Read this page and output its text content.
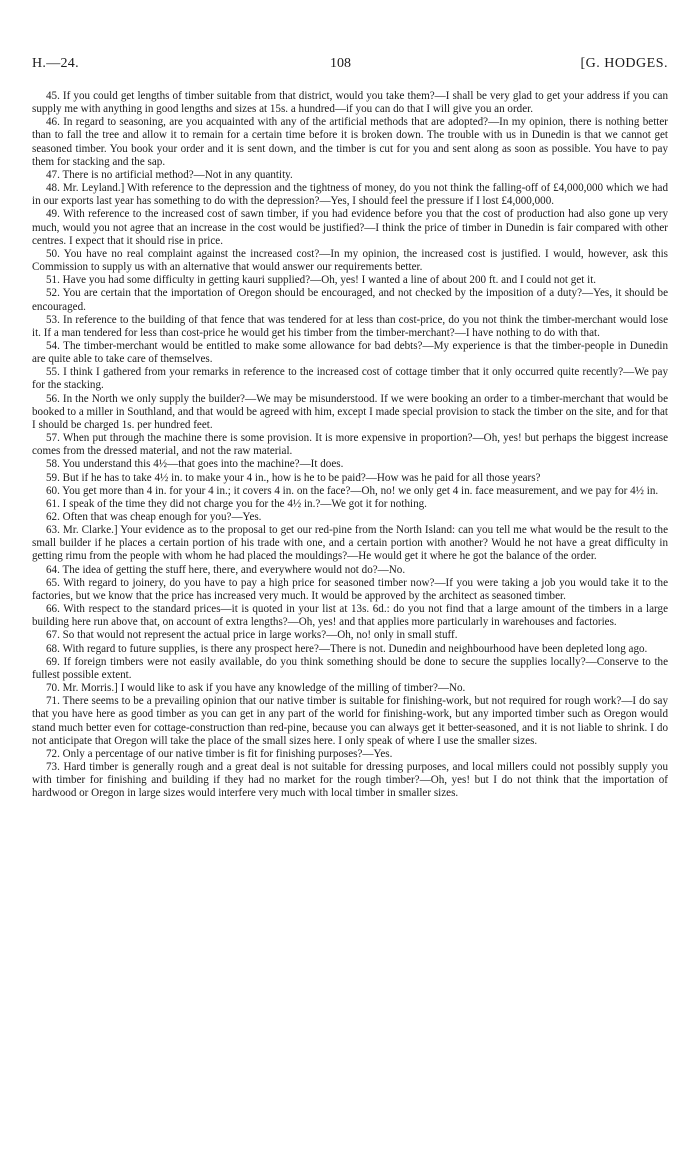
H.—24.	108	[G. HODGES.

45. If you could get lengths of timber suitable from that district, would you take them?—I shall be very glad to get your address if you can supply me with anything in good lengths and sizes at 15s. a hundred—if you can do that I will give you an order.

46. In regard to seasoning, are you acquainted with any of the artificial methods that are adopted?—In my opinion, there is nothing better than to fall the tree and allow it to remain for a certain time before it is broken down. The trouble with us in Dunedin is that we cannot get seasoned timber. You book your order and it is sent down, and the timber is cut for you and sent along as soon as possible. You have to pay them for stacking and the sap.

47. There is no artificial method?—Not in any quantity.

48. Mr. Leyland.] With reference to the depression and the tightness of money, do you not think the falling-off of £4,000,000 which we had in our exports last year has something to do with the depression?—Yes, I should feel the pressure if I lost £4,000,000.

49. With reference to the increased cost of sawn timber, if you had evidence before you that the cost of production had also gone up very much, would you not agree that an increase in the cost would be justified?—I think the price of timber in Dunedin is fair compared with other centres. I expect that it should rise in price.

50. You have no real complaint against the increased cost?—In my opinion, the increased cost is justified. I would, however, ask this Commission to supply us with an alternative that would answer our requirements better.

51. Have you had some difficulty in getting kauri supplied?—Oh, yes! I wanted a line of about 200 ft. and I could not get it.

52. You are certain that the importation of Oregon should be encouraged, and not checked by the imposition of a duty?—Yes, it should be encouraged.

53. In reference to the building of that fence that was tendered for at less than cost-price, do you not think the timber-merchant would lose it. If a man tendered for less than cost-price he would get his timber from the timber-merchant?—I have nothing to do with that.

54. The timber-merchant would be entitled to make some allowance for bad debts?—My experience is that the timber-people in Dunedin are quite able to take care of themselves.

55. I think I gathered from your remarks in reference to the increased cost of cottage timber that it only occurred quite recently?—We pay for the stacking.

56. In the North we only supply the builder?—We may be misunderstood. If we were booking an order to a timber-merchant that would be booked to a miller in Southland, and that would be agreed with him, except I made special provision to stack the timber on the site, and for that I should be charged 1s. per hundred feet.

57. When put through the machine there is some provision. It is more expensive in proportion?—Oh, yes! but perhaps the biggest increase comes from the dressed material, and not the raw material.

58. You understand this 4½—that goes into the machine?—It does.

59. But if he has to take 4½ in. to make your 4 in., how is he to be paid?—How was he paid for all those years?

60. You get more than 4 in. for your 4 in.; it covers 4 in. on the face?—Oh, no! we only get 4 in. face measurement, and we pay for 4½ in.

61. I speak of the time they did not charge you for the 4½ in.?—We got it for nothing.

62. Often that was cheap enough for you?—Yes.

63. Mr. Clarke.] Your evidence as to the proposal to get our red-pine from the North Island: can you tell me what would be the result to the small builder if he places a certain portion of his trade with one, and a certain portion with another? Would he not have a great difficulty in getting rimu from the people with whom he had placed the mouldings?—He would get it where he got the balance of the order.

64. The idea of getting the stuff here, there, and everywhere would not do?—No.

65. With regard to joinery, do you have to pay a high price for seasoned timber now?—If you were taking a job you would take it to the factories, but we know that the price has increased very much. It would be approved by the architect as seasoned timber.

66. With respect to the standard prices—it is quoted in your list at 13s. 6d.: do you not find that a large amount of the timbers in a large building here run above that, on account of extra lengths?—Oh, yes! and that applies more particularly in warehouses and factories.

67. So that would not represent the actual price in large works?—Oh, no! only in small stuff.

68. With regard to future supplies, is there any prospect here?—There is not. Dunedin and neighbourhood have been depleted long ago.

69. If foreign timbers were not easily available, do you think something should be done to secure the supplies locally?—Conserve to the fullest possible extent.

70. Mr. Morris.] I would like to ask if you have any knowledge of the milling of timber?—No.

71. There seems to be a prevailing opinion that our native timber is suitable for finishing-work, but not required for rough work?—I do say that you have here as good timber as you can get in any part of the world for finishing-work, but any imported timber such as Oregon would stand much better even for cottage-construction than red-pine, because you can always get it better-seasoned, and it is not liable to shrink. I do not anticipate that Oregon will take the place of the small sizes here. I only speak of where I use the smaller sizes.

72. Only a percentage of our native timber is fit for finishing purposes?—Yes.

73. Hard timber is generally rough and a great deal is not suitable for dressing purposes, and local millers could not possibly supply you with timber for finishing and building if they had no market for the rough timber?—Oh, yes! but I do not think that the importation of hardwood or Oregon in large sizes would interfere very much with local timber in smaller sizes.
